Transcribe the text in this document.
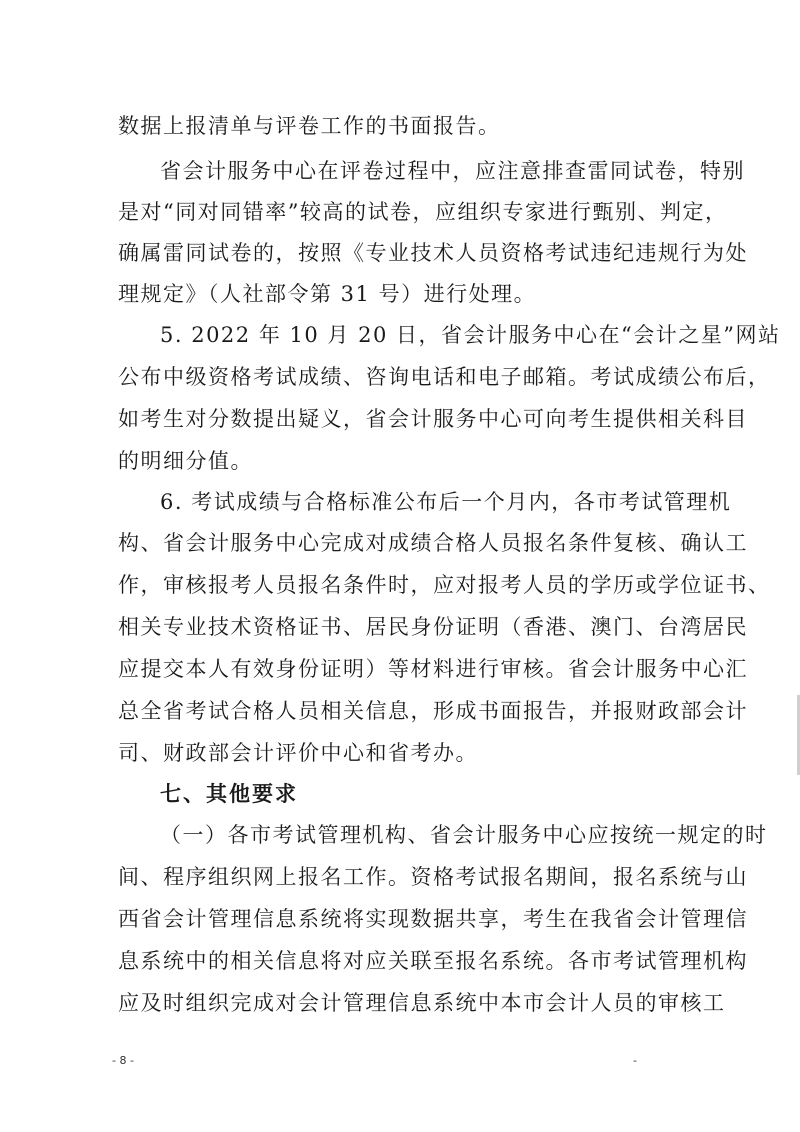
数据上报清单与评卷工作的书面报告。
省会计服务中心在评卷过程中，应注意排查雷同试卷，特别
是对“同对同错率”较高的试卷，应组织专家进行甄别、判定，
确属雷同试卷的，按照《专业技术人员资格考试违纪违规行为处
理规定》（人社部令第 31 号）进行处理。
5. 2022 年 10 月 20 日，省会计服务中心在“会计之星”网站
公布中级资格考试成绩、咨询电话和电子邮箱。考试成绩公布后，
如考生对分数提出疑义，省会计服务中心可向考生提供相关科目
的明细分值。
6. 考试成绩与合格标准公布后一个月内，各市考试管理机
构、省会计服务中心完成对成绩合格人员报名条件复核、确认工
作，审核报考人员报名条件时，应对报考人员的学历或学位证书、
相关专业技术资格证书、居民身份证明（香港、澳门、台湾居民
应提交本人有效身份证明）等材料进行审核。省会计服务中心汇
总全省考试合格人员相关信息，形成书面报告，并报财政部会计
司、财政部会计评价中心和省考办。
七、其他要求
（一）各市考试管理机构、省会计服务中心应按统一规定的时
间、程序组织网上报名工作。资格考试报名期间，报名系统与山
西省会计管理信息系统将实现数据共享，考生在我省会计管理信
息系统中的相关信息将对应关联至报名系统。各市考试管理机构
应及时组织完成对会计管理信息系统中本市会计人员的审核工
- 8 -	-
